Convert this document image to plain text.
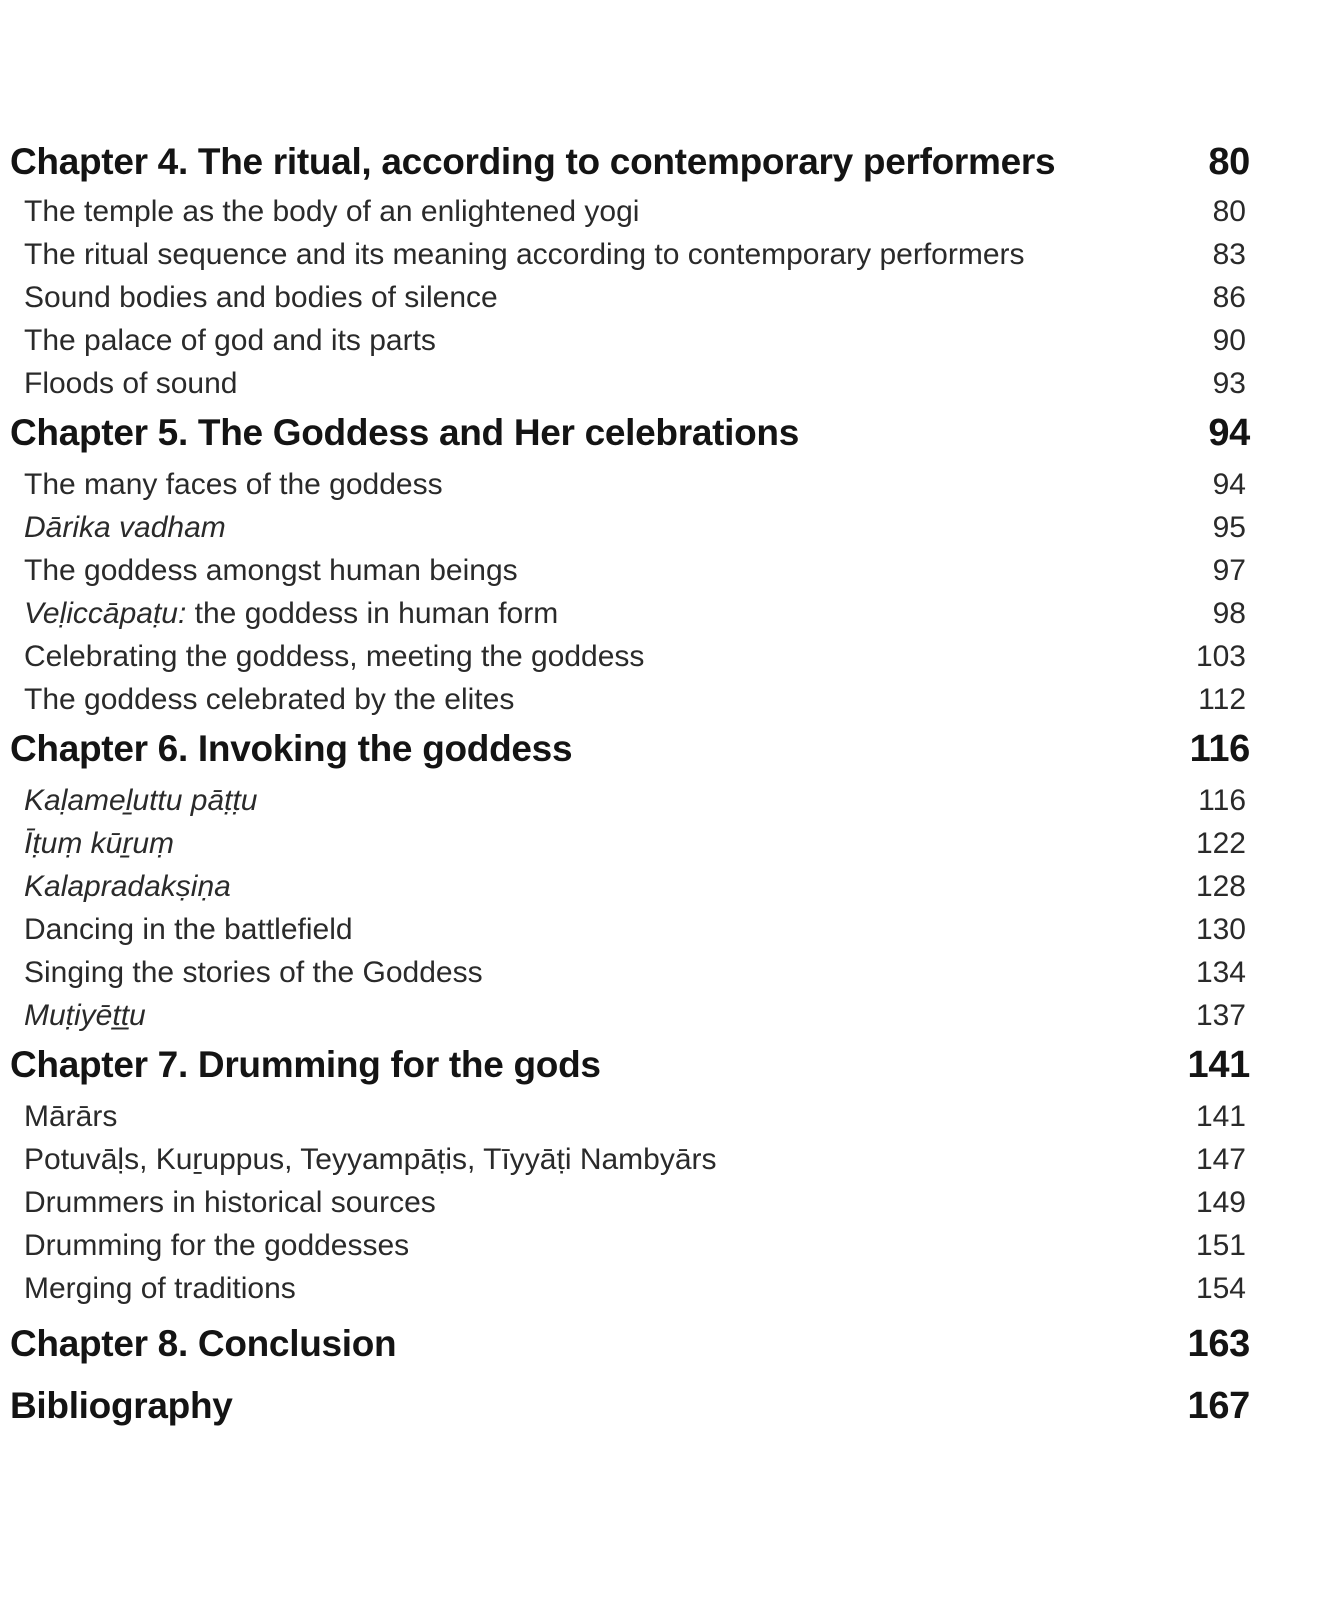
Chapter 4. The ritual, according to contemporary performers	80
The temple as the body of an enlightened yogi	80
The ritual sequence and its meaning according to contemporary performers	83
Sound bodies and bodies of silence	86
The palace of god and its parts	90
Floods of sound	93
Chapter 5. The Goddess and Her celebrations	94
The many faces of the goddess	94
Dārika vadham	95
The goddess amongst human beings	97
Veḷiccāpaṭu: the goddess in human form	98
Celebrating the goddess, meeting the goddess	103
The goddess celebrated by the elites	112
Chapter 6. Invoking the goddess	116
Kaḷameḻuttu pāṭṭu	116
Īṭuṃ kūṟuṃ	122
Kalapradakṣiṇa	128
Dancing in the battlefield	130
Singing the stories of the Goddess	134
Muṭiyēṯṯu	137
Chapter 7. Drumming for the gods	141
Mārārs	141
Potuvāḷs, Kuṟuppus, Teyyampāṭis, Tīyyāṭi Nambyārs	147
Drummers in historical sources	149
Drumming for the goddesses	151
Merging of traditions	154
Chapter 8. Conclusion	163
Bibliography	167
